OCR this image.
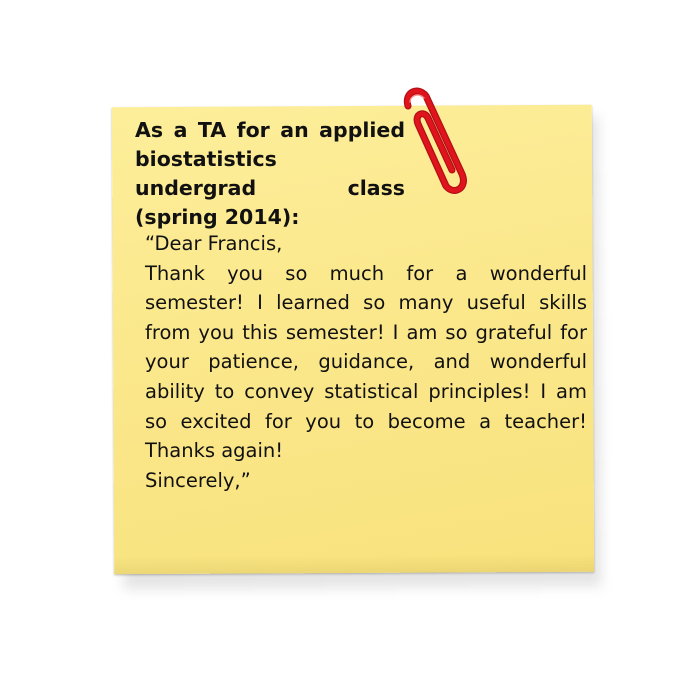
As a TA for an applied biostatistics undergrad class (spring 2014):

“Dear Francis,
Thank you so much for a wonderful semester! I learned so many useful skills from you this semester! I am so grateful for your patience, guidance, and wonderful ability to convey statistical principles! I am so excited for you to become a teacher! Thanks again!
Sincerely,”
